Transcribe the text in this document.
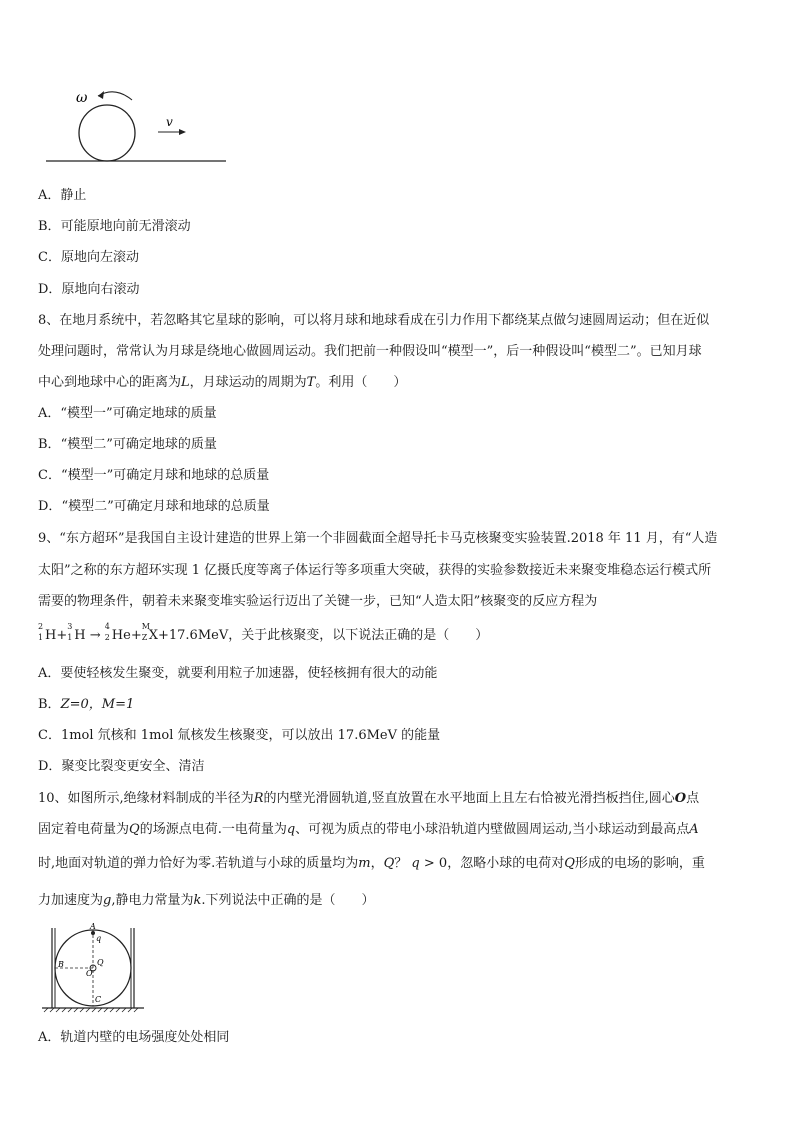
ω
v
A．静止
B．可能原地向前无滑滚动
C．原地向左滚动
D．原地向右滚动
8、在地月系统中，若忽略其它星球的影响，可以将月球和地球看成在引力作用下都绕某点做匀速圆周运动；但在近似
处理问题时，常常认为月球是绕地心做圆周运动。我们把前一种假设叫“模型一”，后一种假设叫“模型二”。已知月球
中心到地球中心的距离为L，月球运动的周期为T。利用（　　）
A．“模型一”可确定地球的质量
B．“模型二”可确定地球的质量
C．“模型一”可确定月球和地球的总质量
D．“模型二”可确定月球和地球的总质量
9、“东方超环”是我国自主设计建造的世界上第一个非圆截面全超导托卡马克核聚变实验装置.2018 年 11 月，有“人造
太阳”之称的东方超环实现 1 亿摄氏度等离子体运行等多项重大突破，获得的实验参数接近未来聚变堆稳态运行模式所
需要的物理条件，朝着未来聚变堆实验运行迈出了关键一步，已知“人造太阳”核聚变的反应方程为
2
1 H+
3
1 H →
4
2 He+
M
Z X+17.6MeV，关于此核聚变，以下说法正确的是（　　）
A．要使轻核发生聚变，就要利用粒子加速器，使轻核拥有很大的动能
B．Z=0，M=1
C．1mol 氘核和 1mol 氚核发生核聚变，可以放出 17.6MeV 的能量
D．聚变比裂变更安全、清洁
10、如图所示,绝缘材料制成的半径为R的内壁光滑圆轨道,竖直放置在水平地面上且左右恰被光滑挡板挡住,圆心O点
固定着电荷量为Q的场源点电荷.一电荷量为q、可视为质点的带电小球沿轨道内壁做圆周运动,当小球运动到最高点A
时,地面对轨道的弹力恰好为零.若轨道与小球的质量均为m，Q？ q > 0，忽略小球的电荷对Q形成的电场的影响，重
力加速度为g,静电力常量为k.下列说法中正确的是（　　）
A
q
B	Q
O
C
A．轨道内壁的电场强度处处相同
